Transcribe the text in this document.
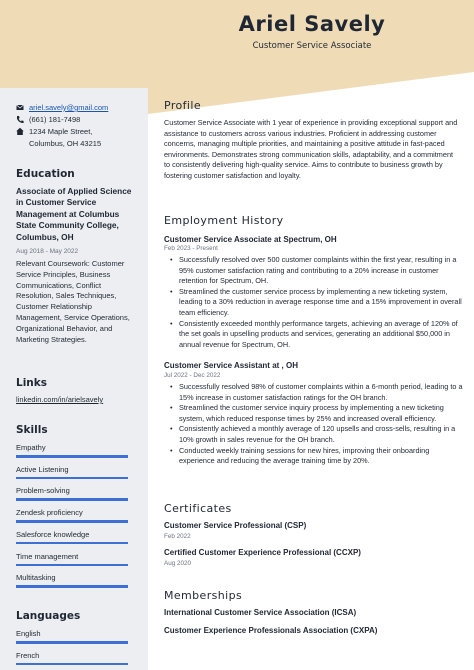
Ariel Savely
Customer Service Associate
ariel.savely@gmail.com
(661) 181-7498
1234 Maple Street,
Columbus, OH 43215
Education
Associate of Applied Science in Customer Service Management at Columbus State Community College, Columbus, OH
Aug 2018 - May 2022
Relevant Coursework: Customer Service Principles, Business Communications, Conflict Resolution, Sales Techniques, Customer Relationship Management, Service Operations, Organizational Behavior, and Marketing Strategies.
Links
linkedin.com/in/arielsavely
Skills
Empathy
Active Listening
Problem-solving
Zendesk proficiency
Salesforce knowledge
Time management
Multitasking
Languages
English
French
Profile
Customer Service Associate with 1 year of experience in providing exceptional support and assistance to customers across various industries. Proficient in addressing customer concerns, managing multiple priorities, and maintaining a positive attitude in fast-paced environments. Demonstrates strong communication skills, adaptability, and a commitment to consistently delivering high-quality service. Aims to contribute to business growth by fostering customer satisfaction and loyalty.
Employment History
Customer Service Associate at Spectrum, OH
Feb 2023 - Present
• Successfully resolved over 500 customer complaints within the first year, resulting in a 95% customer satisfaction rating and contributing to a 20% increase in customer retention for Spectrum, OH.
• Streamlined the customer service process by implementing a new ticketing system, leading to a 30% reduction in average response time and a 15% improvement in overall team efficiency.
• Consistently exceeded monthly performance targets, achieving an average of 120% of the set goals in upselling products and services, generating an additional $50,000 in annual revenue for Spectrum, OH.
Customer Service Assistant at , OH
Jul 2022 - Dec 2022
• Successfully resolved 98% of customer complaints within a 6-month period, leading to a 15% increase in customer satisfaction ratings for the OH branch.
• Streamlined the customer service inquiry process by implementing a new ticketing system, which reduced response times by 25% and increased overall efficiency.
• Consistently achieved a monthly average of 120 upsells and cross-sells, resulting in a 10% growth in sales revenue for the OH branch.
• Conducted weekly training sessions for new hires, improving their onboarding experience and reducing the average training time by 20%.
Certificates
Customer Service Professional (CSP)
Feb 2022
Certified Customer Experience Professional (CCXP)
Aug 2020
Memberships
International Customer Service Association (ICSA)
Customer Experience Professionals Association (CXPA)
